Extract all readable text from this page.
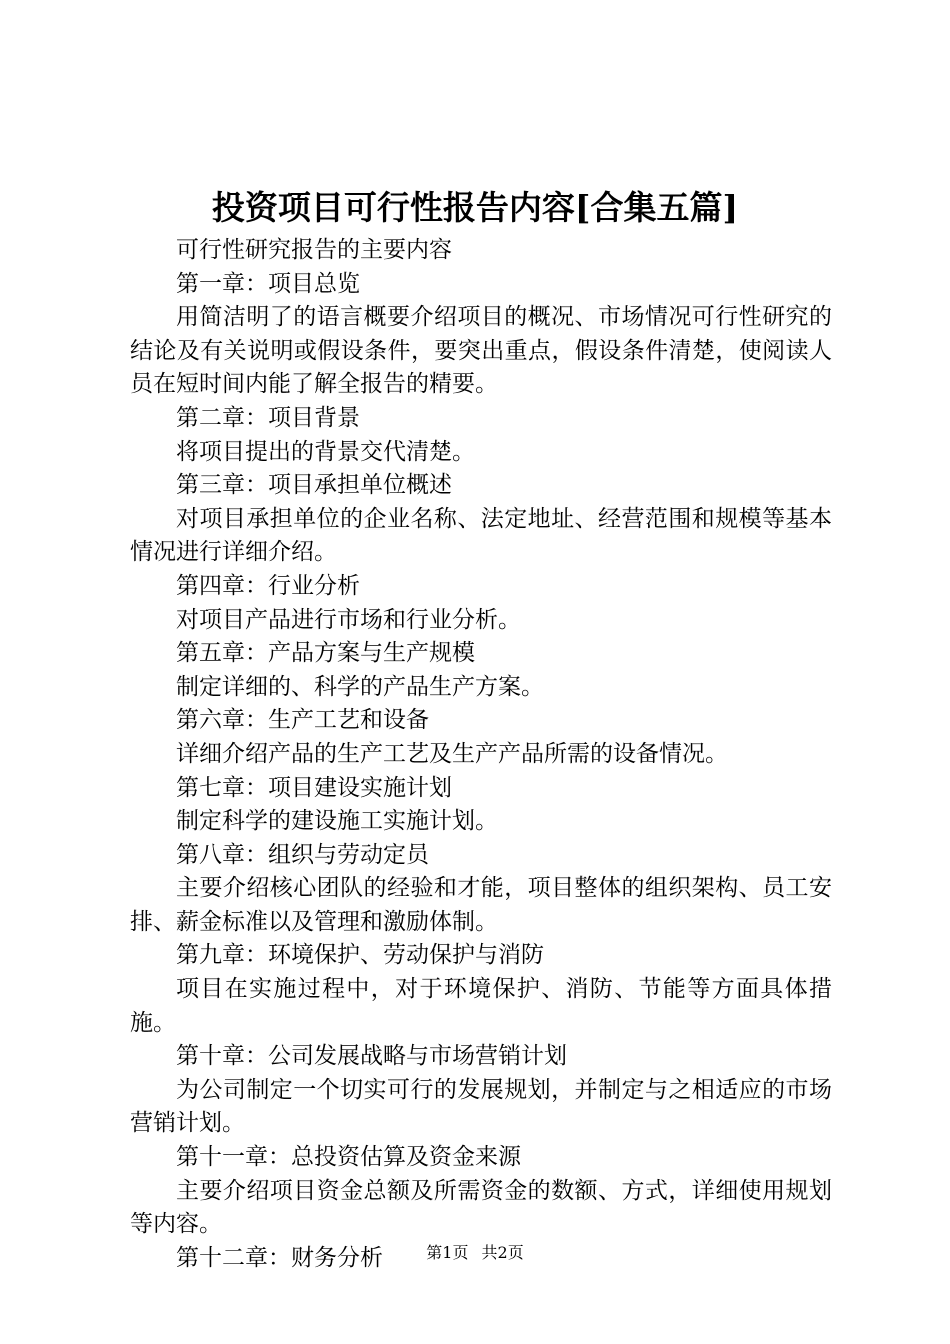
投资项目可行性报告内容[合集五篇]

可行性研究报告的主要内容

第一章：项目总览

用简洁明了的语言概要介绍项目的概况、市场情况可行性研究的结论及有关说明或假设条件，要突出重点，假设条件清楚，使阅读人员在短时间内能了解全报告的精要。

第二章：项目背景

将项目提出的背景交代清楚。

第三章：项目承担单位概述

对项目承担单位的企业名称、法定地址、经营范围和规模等基本情况进行详细介绍。

第四章：行业分析

对项目产品进行市场和行业分析。

第五章：产品方案与生产规模

制定详细的、科学的产品生产方案。

第六章：生产工艺和设备

详细介绍产品的生产工艺及生产产品所需的设备情况。

第七章：项目建设实施计划

制定科学的建设施工实施计划。

第八章：组织与劳动定员

主要介绍核心团队的经验和才能，项目整体的组织架构、员工安排、薪金标准以及管理和激励体制。

第九章：环境保护、劳动保护与消防

项目在实施过程中，对于环境保护、消防、节能等方面具体措施。

第十章：公司发展战略与市场营销计划

为公司制定一个切实可行的发展规划，并制定与之相适应的市场营销计划。

第十一章：总投资估算及资金来源

主要介绍项目资金总额及所需资金的数额、方式，详细使用规划等内容。

第十二章：财务分析	第1页 共2页
